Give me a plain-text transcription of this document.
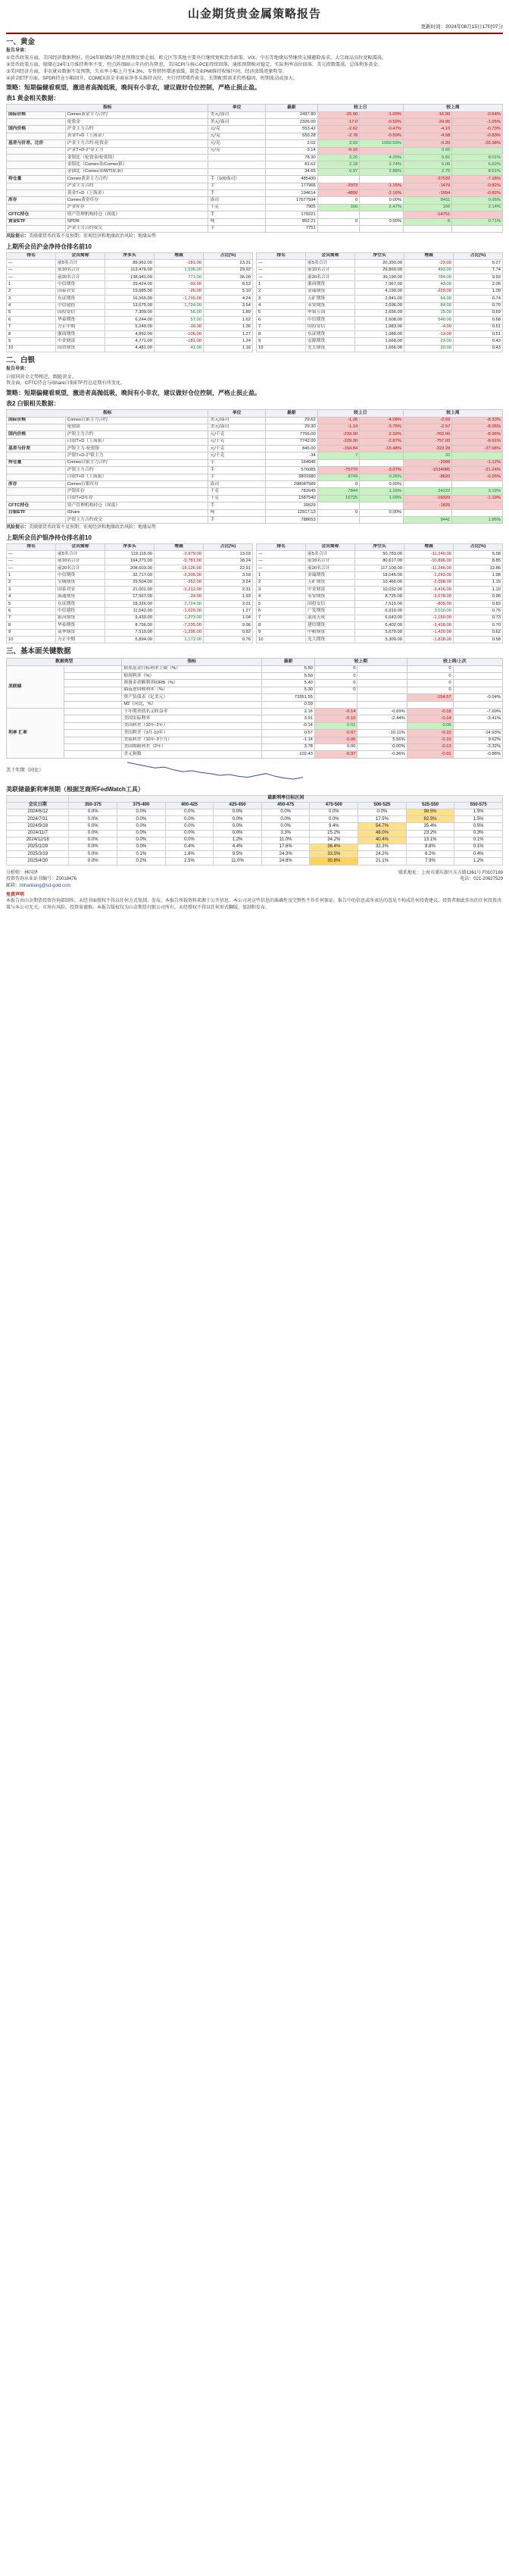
山金期货贵金属策略报告
更新时间：2024年08月15日17时07分
一、黄金
报告导读：

①货币政策方面，美国经济数据利好，但24年联储9月降息预期反弹走弱，欧元区等其他主要央行继续宽松货币政策。VIX、中东等地缘局势继续支撑避险需求，大宗商品高位宽幅震荡。

②货币政策方面，联储在24年1月维持利率不变，但点阵图暗示年内仍有降息。美国CPI与核心PCE持续回落，通胀预期相对稳定，实际利率高位回落，美元指数震荡，总体利多黄金。

③美国经济方面，非农就业数据不及预期，失业率小幅上升至4.3%，零售销售增速放缓，制造业PMI维持收缩区间，经济放缓迹象明显。

④黄金ETF方面，SPDR持仓小幅回升，COMEX黄金非商业净多头维持高位，央行持续增持黄金，长期配置需求仍然稳固，短期波动或加大。

策略：短期偏健看观望，激进者高抛低吸，晚间有小非农，建议做好仓位控制，严格止损止盈。
表1 黄金相关数据：
指标		单位	最新	较上日		较上周	
国际价格	Comex黄金主力合约	美元/盎司	2497.80	-25.00	-1.00%	-16.00	-0.64%
	伦敦金	美元/盎司	2326.00	-17.0	-0.50%	-24.85	-1.05%
国内价格	沪金主力合约	元/克	553.42	-2.62	-0.47%	-4.10	-0.73%
	黄金T+D（上海金）	元/克	550.28	-2.78	-0.50%	-4.58	-0.83%
基差与价差、比价	沪金主力合约-伦敦金	元/克	2.02	3.69	1069.59%	-0.20	-25.38%
	沪金T+D-沪金主力	元/克	-3.14	-0.10		0.66	
	金银比（伦敦金/伦敦银）		78.30	3.20	4.25%	5.81	8.01%
	金银比（Comex金/Comex银）		81.62	2.18	2.74%	5.06	6.62%
	金油比（Comex金/WTI原油）		34.65	0.97	2.88%	2.75	8.61%
持仓量	Comex黄金主力合约	手（100盎司）	485430			-37532	-7.18%
	沪金主力合约	手	177966	-2073	-1.15%	-1479	-0.82%
	黄金T+D（上海金）	手	194614	-4800	-2.16%	-1594	-0.82%
库存	Comex黄金库存	盎司	17677594	0	0.00%	8411	0.05%
	沪金库存	千克	7905	166	2.47%	166	2.14%
CFTC持仓	资产管理机构持仓（周度）	手	179221			-14751	
黄金ETF	SPDR	吨	852.21	0	0.00%	6	0.71%
	沪金主力合约成交	手	7751				
风险提示：美联储货币政策不及预期；宏观经济和地缘政治风险；地缘局势
上期所会员沪金净持仓排名前10
排名	会员简称	净多头	增减	占比(%)
—	前5名合计	89,962.00	-181.00	23.31
—	前10名合计	113,476.00	1,536.00	29.92
—	前20名合计	138,941.00	771.00	36.00
1	中信期货	29,424.00	-92.00	8.53
2	国泰君安	19,685.00	-26.00	5.10
3	东证期货	16,565.00	-1,715.00	4.24
4	中信建投	13,675.00	1,724.00	3.54
5	国投安信	7,309.00	56.00	1.89
6	华泰期货	6,244.00	57.00	1.62
7	方正中期	5,240.00	-16.00	1.36
8	浙商期货	4,892.00	-106.00	1.27
9	中金财富	4,771.00	-181.00	1.24
10	国贸期货	4,481.00	41.00	1.16
排名	会员简称	净空头	增减	占比(%)
—	前5名合计	20,350.00	-23.00	5.27
—	前10名合计	29,860.00	493.00	7.74
—	前20名合计	39,190.00	784.00	9.93
1	浙商期货	7,967.00	43.00	2.06
2	金瑞期货	4,190.00	-229.00	1.09
3	五矿期货	2,841.00	64.00	0.74
4	永安期货	2,696.00	84.00	0.70
5	申银万国	2,656.00	15.00	0.69
6	中信期货	2,608.00	540.00	0.68
7	国投安信	1,983.00	-4.00	0.51
8	东证期货	1,988.00	-13.00	0.51
9	宏源期货	1,668.00	23.00	0.43
10	光大期货	1,666.00	20.00	0.43
二、白银
报告导读：

白银同黄金走势相近，跟随黄金。

资金面，CFTC持仓与iShare白银ETF持仓近期有所变化。

策略：短期偏健看观望，激进者高抛低吸，晚间有小非农，建议做好仓位控制，严格止损止盈。
表2 白银相关数据：
指标		单位	最新	较上日		较上周	
国际价格	Comex白银主力合约	美元/盎司	29.62	-1.26	-4.08%	-2.69	-8.33%
	伦敦银	美元/盎司	29.30	-1.14	-3.75%	-2.57	-8.06%
国内价格	沪银主力合约	元/千克	7756.00	-233.00	-2.92%	-763.00	-8.96%
	白银T+D（上海银）	元/千克	7742.00	-229.00	-2.87%	-757.00	-8.91%
基差与价差	沪银主力-伦敦银	元/千克	845.00	-154.84	-15.48%	-323.28	-27.68%
	沪银T+D-沪银主力	元/千克	-34	7		32	
持仓量	Comex白银主力合约	手	164646			-2099	-1.12%
	沪银主力合约	手	576085	-75770	-3.07%	-1534085	-21.24%
	白银T+D（上海银）	手	3801580	8749	0.26%	-8620	-0.26%
库存	Comex白银库存	盎司	298087589	0	0.00%		
	沪银库存	千克	782645	7844	1.16%	24222	3.19%
	白银T+D库存	千克	1587540	16725	1.09%	-19320	-1.19%
CFTC持仓	资产管理机构持仓（周度）	手	39529			-1826	
白银ETF	iShare	吨	12917.13	0	0.00%		
	沪银主力合约成交	手	788653			9441	1.86%
风险提示：美联储货币政策不及预期；宏观经济和地缘政治风险；地缘局势
上期所会员沪银净持仓排名前10
排名	会员简称	净多头	增减	占比(%)
—	前5名合计	119,115.00	-2,979.00	13.03
—	前10名合计	164,271.00	-9,781.00	18.24
—	前20名合计	208,603.00	-15,126.00	22.91
1	中信期货	32,717.00	-2,205.00	3.59
2	宝城期货	29,504.00	-262.00	3.24
3	国泰君安	21,001.00	-3,212.00	2.31
4	海通期货	17,567.00	-24.00	1.93
5	东证期货	18,326.00	2,724.00	2.01
6	中信建投	11,542.00	-1,020.00	1.27
7	银河期货	9,430.00	1,273.00	1.04
8	华泰期货	8,756.00	-7,235.00	0.96
9	南华期货	7,510.00	-1,295.00	0.82
10	方正中期	6,894.00	1,172.00	0.76
排名	会员简称	净空头	增减	占比(%)
—	前5名合计	50,783.00	-11,240.00	5.58
—	前10名合计	80,617.00	-10,896.00	8.85
—	前20名合计	117,100.00	-11,246.00	12.86
1	金瑞期货	18,045.00	-1,243.00	1.98
2	五矿期货	10,466.00	-2,098.00	1.15
3	中金财富	10,032.00	-3,416.00	1.10
4	永安期货	8,725.00	-3,678.00	0.96
5	国投安信	7,515.00	-805.00	0.83
6	广发期货	6,910.00	3,010.00	0.76
7	混沌天成	6,643.00	-1,150.00	0.73
8	建信期货	6,402.00	-3,418.00	0.70
9	中粮期货	5,670.00	-1,420.00	0.62
10	光大期货	5,309.00	-1,818.00	0.58
三、基本面关键数据
数据类型		指标	最新	较上期		较上周/上次	
美联储		联邦基金目标利率上限（%）	5.50	0		0	
		贴现利率（%）	5.50	0		0	
		准备金余额利率IORB（%）	5.40	0		0	
		隔夜逆回购利率（%）	5.30	0		0	
		资产负债表（亿美元）	73351.55			-154.57	-0.04%
		M2（同比，%）	0.59				
利率 汇率		十年期美债名义收益率	2.16	-0.14	-0.69%	-0.18	-7.69%
		美国实际利率	3.91	-0.10	-2.44%	-0.14	-3.41%
		美国利差（10年-2年）	-0.14	0.01		0.06	
		美国利差（3月-10年）	0.57	-0.07	-10.11%	-0.10	-14.93%
		美债利差（10年-3个月）	-1.14	-0.06	5.56%	-0.10	9.62%
		美国期限利差（2年）	3.78	0.00	0.00%	-0.13	-3.32%
		美元指数	102.43	-0.37	-0.36%	-0.91	-0.88%
美十年期（同比）
美联储最新利率预期（根据芝商所FedWatch工具）
	最新利率目标区间								
会议日期	350-375	375-400	400-425	425-450	450-475	475-500	500-525	525-550	550-575
2024/6/12	0.0%	0.0%	0.0%	0.0%	0.0%	0.0%	0.0%	98.5%	1.5%
2024/7/31	0.0%	0.0%	0.0%	0.0%	0.0%	0.0%	17.5%	82.5%	1.5%
2024/9/18	0.0%	0.0%	0.0%	0.0%	0.0%	9.4%	54.7%	35.4%	0.5%
2024/11/7	0.0%	0.0%	0.0%	0.0%	3.3%	25.2%	48.0%	23.2%	0.3%
2024/12/18	0.0%	0.0%	0.0%	1.2%	11.0%	34.2%	40.4%	13.1%	0.1%
2025/1/29	0.0%	0.0%	0.4%	4.4%	17.6%	36.4%	32.3%	8.8%	0.1%
2025/3/19	0.0%	0.1%	1.8%	9.5%	24.3%	33.5%	24.2%	6.2%	0.4%
2025/4/30	0.0%	0.2%	2.5%	11.0%	24.8%	30.8%	21.1%	7.9%	1.2%
分析师：林国泽	联系地址：上海市浦东新区东方路1361号 F0107169
投资咨询从业证书编号：Z0018476	电话：021-20627529
邮箱：linhanliong@sd-gold.com
免责声明
本报告由山金期货投资咨询部制作，未经书面授权不得以任何方式复制、发布。本报告所载资料来源于公开信息，本公司对这些信息的准确性及完整性不作任何保证。报告中的信息或所表达的意见不构成任何投资建议，投资者据此作出的任何投资决策与本公司无关。市场有风险，投资需谨慎。本报告版权仅为山金期货有限公司所有，未经授权不得以任何形式翻版、复制和发布。
